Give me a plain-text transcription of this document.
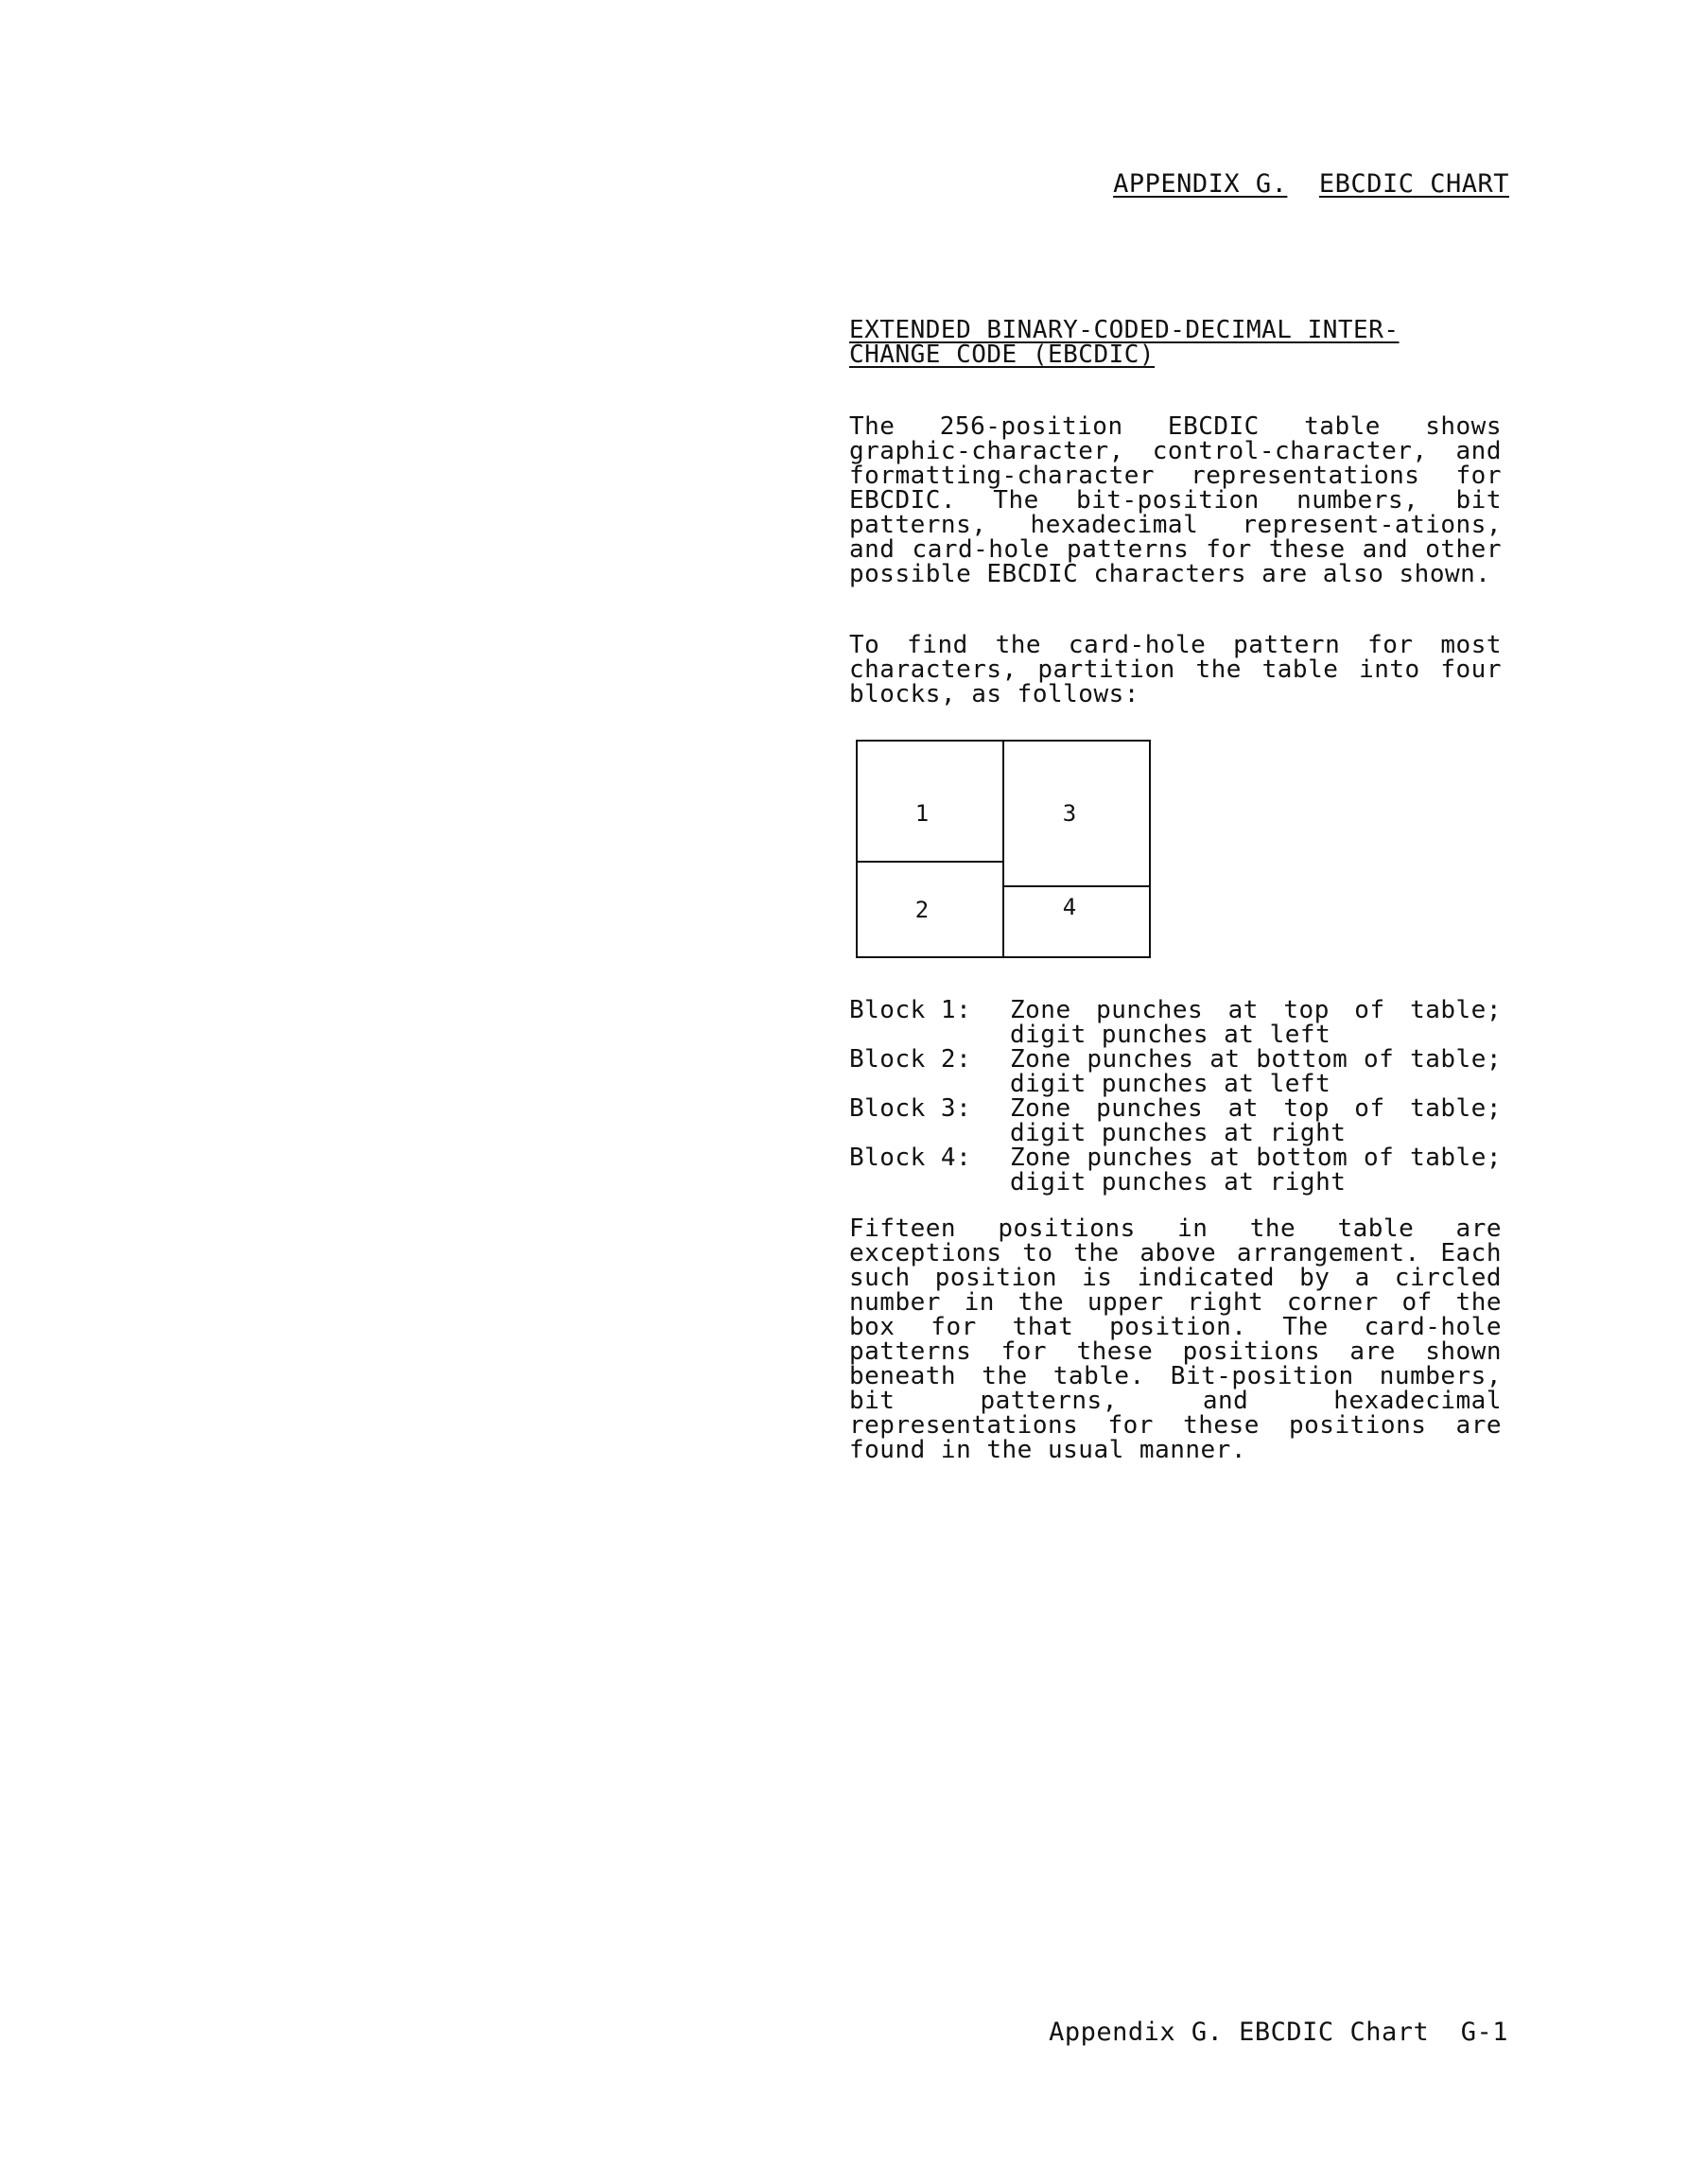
APPENDIX G. EBCDIC CHART
EXTENDED BINARY-CODED-DECIMAL INTER-
CHANGE CODE (EBCDIC)
The 256-position EBCDIC table shows graphic-character, control-character, and formatting-character representations for EBCDIC. The bit-position numbers, bit patterns, hexadecimal represent-ations, and card-hole patterns for these and other possible EBCDIC characters are also shown.
To find the card-hole pattern for most characters, partition the table into four blocks, as follows:
1
2
3
4
Block 1:	Zone punches at top of table; digit punches at left
Block 2:	Zone punches at bottom of table; digit punches at left
Block 3:	Zone punches at top of table; digit punches at right
Block 4:	Zone punches at bottom of table; digit punches at right
Fifteen positions in the table are exceptions to the above arrangement. Each such position is indicated by a circled number in the upper right corner of the box for that position. The card-hole patterns for these positions are shown beneath the table. Bit-position numbers, bit patterns, and hexadecimal representations for these positions are found in the usual manner.
Appendix G. EBCDIC Chart  G-1
